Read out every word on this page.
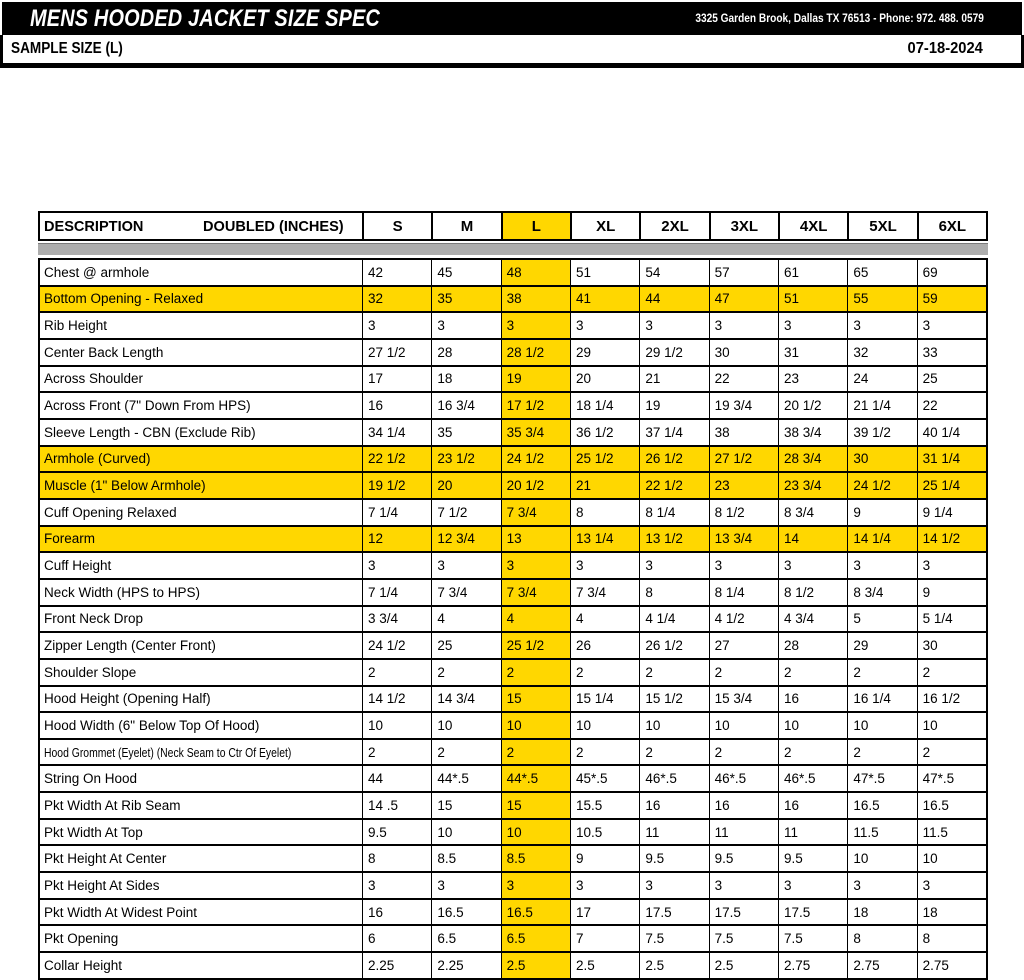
MENS HOODED JACKET SIZE SPEC	3325 Garden Brook, Dallas TX 76513 - Phone: 972. 488. 0579
SAMPLE SIZE (L)	07-18-2024
DESCRIPTION	DOUBLED (INCHES)	S	M	L	XL	2XL	3XL	4XL	5XL	6XL
Chest @ armhole	42	45	48	51	54	57	61	65	69
Bottom Opening - Relaxed	32	35	38	41	44	47	51	55	59
Rib Height	3	3	3	3	3	3	3	3	3
Center Back Length	27 1/2	28	28 1/2	29	29 1/2	30	31	32	33
Across Shoulder	17	18	19	20	21	22	23	24	25
Across Front (7" Down From HPS)	16	16 3/4	17 1/2	18 1/4	19	19 3/4	20 1/2	21 1/4	22
Sleeve Length - CBN (Exclude Rib)	34 1/4	35	35 3/4	36 1/2	37 1/4	38	38 3/4	39 1/2	40 1/4
Armhole (Curved)	22 1/2	23 1/2	24 1/2	25 1/2	26 1/2	27 1/2	28 3/4	30	31 1/4
Muscle (1" Below Armhole)	19 1/2	20	20 1/2	21	22 1/2	23	23 3/4	24 1/2	25 1/4
Cuff Opening Relaxed	7 1/4	7 1/2	7 3/4	8	8 1/4	8 1/2	8 3/4	9	9 1/4
Forearm	12	12 3/4	13	13 1/4	13 1/2	13 3/4	14	14 1/4	14 1/2
Cuff Height	3	3	3	3	3	3	3	3	3
Neck Width (HPS to HPS)	7 1/4	7 3/4	7 3/4	7 3/4	8	8 1/4	8 1/2	8 3/4	9
Front Neck Drop	3 3/4	4	4	4	4 1/4	4 1/2	4 3/4	5	5 1/4
Zipper Length (Center Front)	24 1/2	25	25 1/2	26	26 1/2	27	28	29	30
Shoulder Slope	2	2	2	2	2	2	2	2	2
Hood Height (Opening Half)	14 1/2	14 3/4	15	15 1/4	15 1/2	15 3/4	16	16 1/4	16 1/2
Hood Width (6" Below Top Of Hood)	10	10	10	10	10	10	10	10	10
Hood Grommet (Eyelet) (Neck Seam to Ctr Of Eyelet)	2	2	2	2	2	2	2	2	2
String On Hood	44	44*.5	44*.5	45*.5	46*.5	46*.5	46*.5	47*.5	47*.5
Pkt Width At Rib Seam	14 .5	15	15	15.5	16	16	16	16.5	16.5
Pkt Width At Top	9.5	10	10	10.5	11	11	11	11.5	11.5
Pkt Height At Center	8	8.5	8.5	9	9.5	9.5	9.5	10	10
Pkt Height At Sides	3	3	3	3	3	3	3	3	3
Pkt Width At Widest Point	16	16.5	16.5	17	17.5	17.5	17.5	18	18
Pkt Opening	6	6.5	6.5	7	7.5	7.5	7.5	8	8
Collar Height	2.25	2.25	2.5	2.5	2.5	2.5	2.75	2.75	2.75
